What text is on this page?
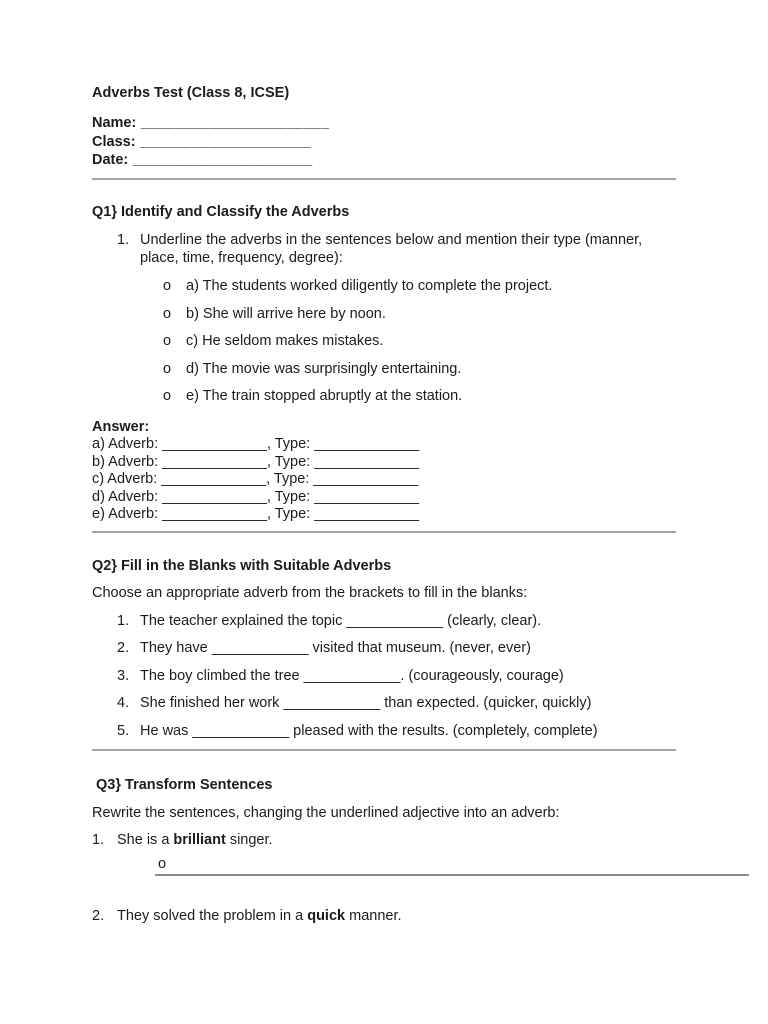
Adverbs Test (Class 8, ICSE)

Name: ______________________

Class: ____________________

Date: _____________________

Q1} Identify and Classify the Adverbs
1. Underline the adverbs in the sentences below and mention their type (manner, place, time, frequency, degree):
o	a) The students worked diligently to complete the project.
o	b) She will arrive here by noon.
o	c) He seldom makes mistakes.
o	d) The movie was surprisingly entertaining.
o	e) The train stopped abruptly at the station.

Answer:

a) Adverb: _____________, Type: _____________

b) Adverb: _____________, Type: _____________

c) Adverb: _____________, Type: _____________

d) Adverb: _____________, Type: _____________

e) Adverb: _____________, Type: _____________

Q2} Fill in the Blanks with Suitable Adverbs

Choose an appropriate adverb from the brackets to fill in the blanks:

1. The teacher explained the topic ____________ (clearly, clear).
2. They have ____________ visited that museum. (never, ever)
3. The boy climbed the tree ____________. (courageously, courage)
4. She finished her work ____________ than expected. (quicker, quickly)
5. He was ____________ pleased with the results. (completely, complete)
Q3} Transform Sentences

Rewrite the sentences, changing the underlined adjective into an adverb:

1. She is a brilliant singer.
o
2. They solved the problem in a quick manner.
